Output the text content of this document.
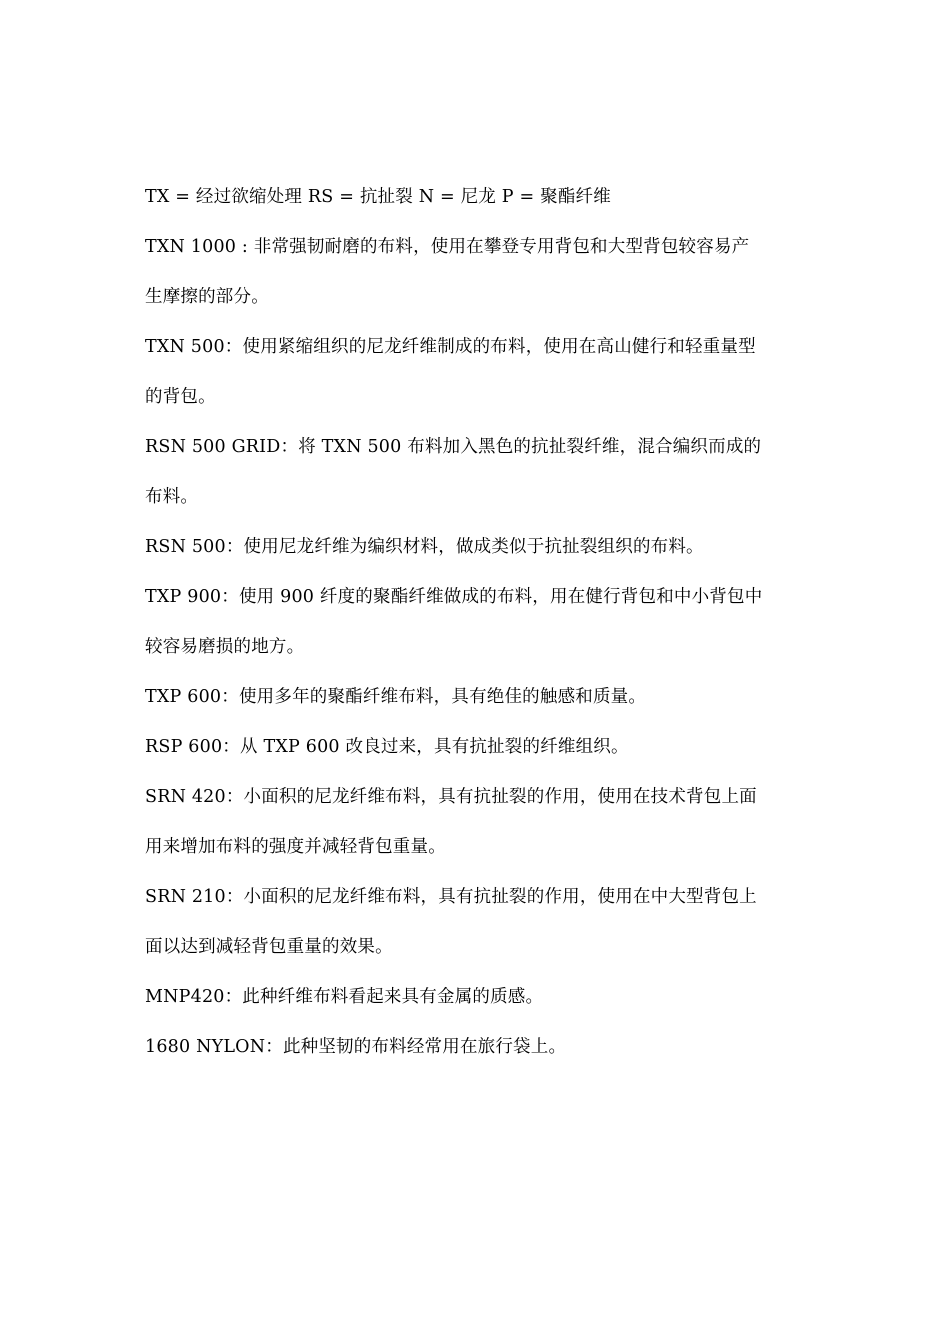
TX = 经过欲缩处理 RS = 抗扯裂 N = 尼龙 P = 聚酯纤维
TXN 1000 : 非常强韧耐磨的布料，使用在攀登专用背包和大型背包较容易产
生摩擦的部分。
TXN 500：使用紧缩组织的尼龙纤维制成的布料，使用在高山健行和轻重量型
的背包。
RSN 500 GRID：将 TXN 500 布料加入黑色的抗扯裂纤维，混合编织而成的
布料。
RSN 500：使用尼龙纤维为编织材料，做成类似于抗扯裂组织的布料。
TXP 900：使用 900 纤度的聚酯纤维做成的布料，用在健行背包和中小背包中
较容易磨损的地方。
TXP 600：使用多年的聚酯纤维布料，具有绝佳的触感和质量。
RSP 600：从 TXP 600 改良过来，具有抗扯裂的纤维组织。
SRN 420：小面积的尼龙纤维布料，具有抗扯裂的作用，使用在技术背包上面
用来增加布料的强度并减轻背包重量。
SRN 210：小面积的尼龙纤维布料，具有抗扯裂的作用，使用在中大型背包上
面以达到减轻背包重量的效果。
MNP420：此种纤维布料看起来具有金属的质感。
1680 NYLON：此种坚韧的布料经常用在旅行袋上。
